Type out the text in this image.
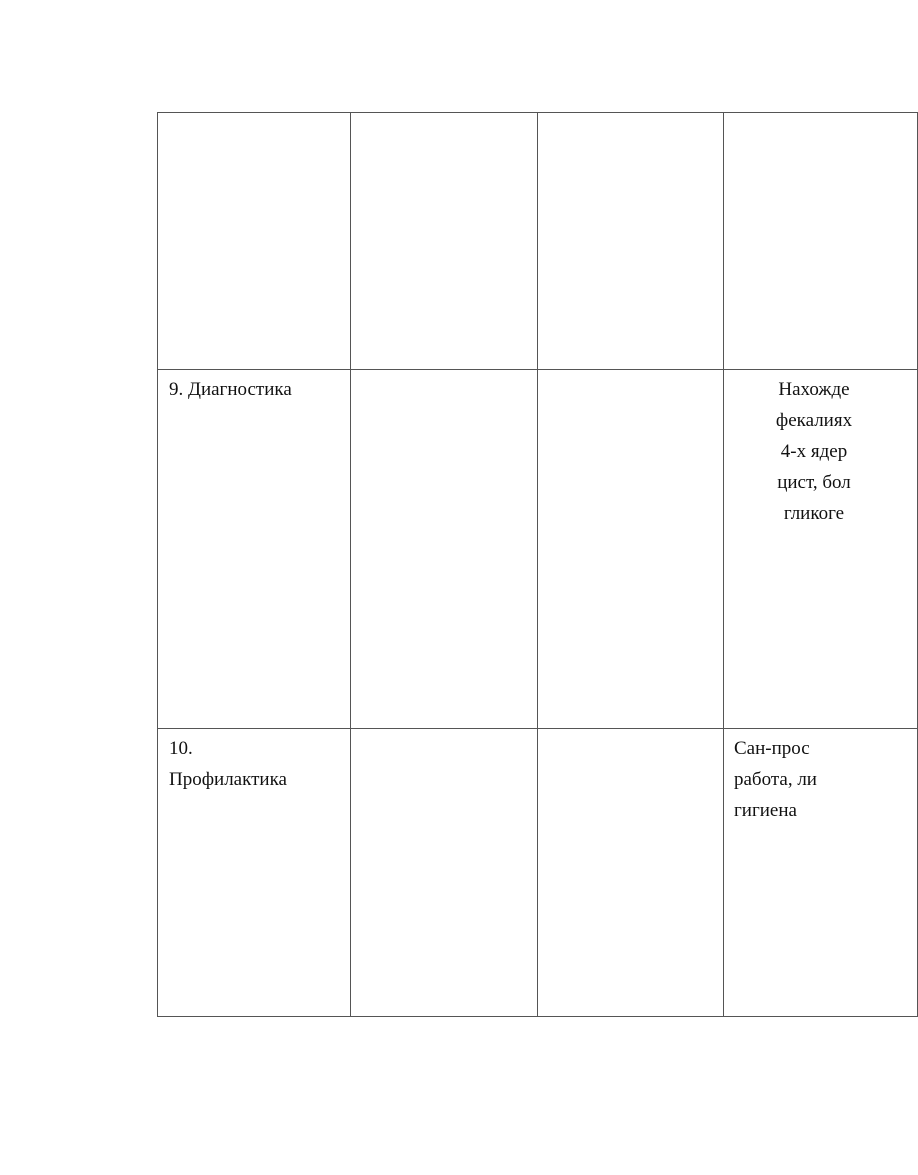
9. Диагностика			Нахожде
фекалиях
4-х ядер
цист, бол
гликоге

10.
Профилактика			Сан-прос
работа, ли
гигиена
